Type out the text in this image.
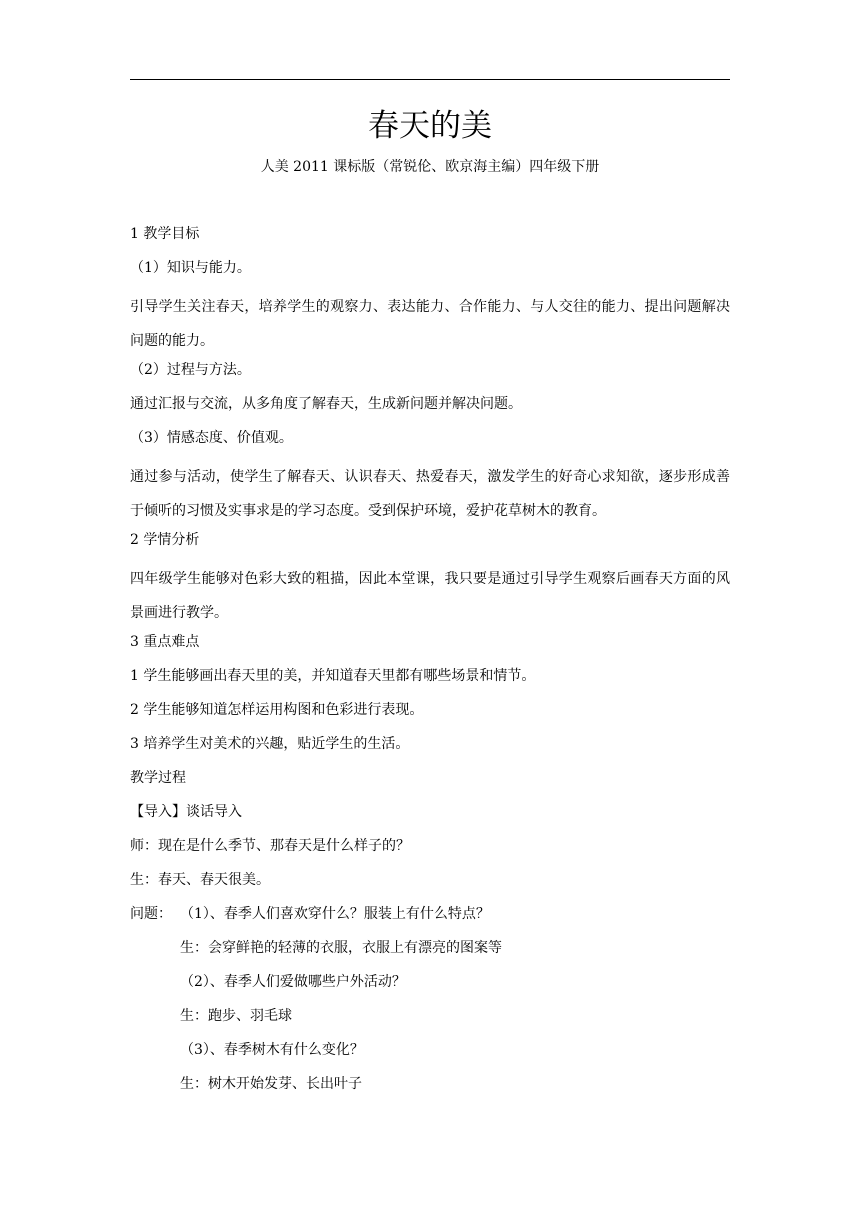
春天的美
人美 2011 课标版（常锐伦、欧京海主编）四年级下册
1 教学目标
（1）知识与能力。
引导学生关注春天，培养学生的观察力、表达能力、合作能力、与人交往的能力、提出问题解决问题的能力。
（2）过程与方法。
通过汇报与交流，从多角度了解春天，生成新问题并解决问题。
（3）情感态度、价值观。
通过参与活动，使学生了解春天、认识春天、热爱春天，激发学生的好奇心求知欲，逐步形成善于倾听的习惯及实事求是的学习态度。受到保护环境，爱护花草树木的教育。
2 学情分析
四年级学生能够对色彩大致的粗描，因此本堂课，我只要是通过引导学生观察后画春天方面的风景画进行教学。
3 重点难点
1 学生能够画出春天里的美，并知道春天里都有哪些场景和情节。
2 学生能够知道怎样运用构图和色彩进行表现。
3 培养学生对美术的兴趣，贴近学生的生活。
教学过程
【导入】谈话导入
师：现在是什么季节、那春天是什么样子的？
生：春天、春天很美。
问题： （1）、春季人们喜欢穿什么？服装上有什么特点？
生：会穿鲜艳的轻薄的衣服，衣服上有漂亮的图案等
（2）、春季人们爱做哪些户外活动？
生：跑步、羽毛球
（3）、春季树木有什么变化？
生：树木开始发芽、长出叶子
